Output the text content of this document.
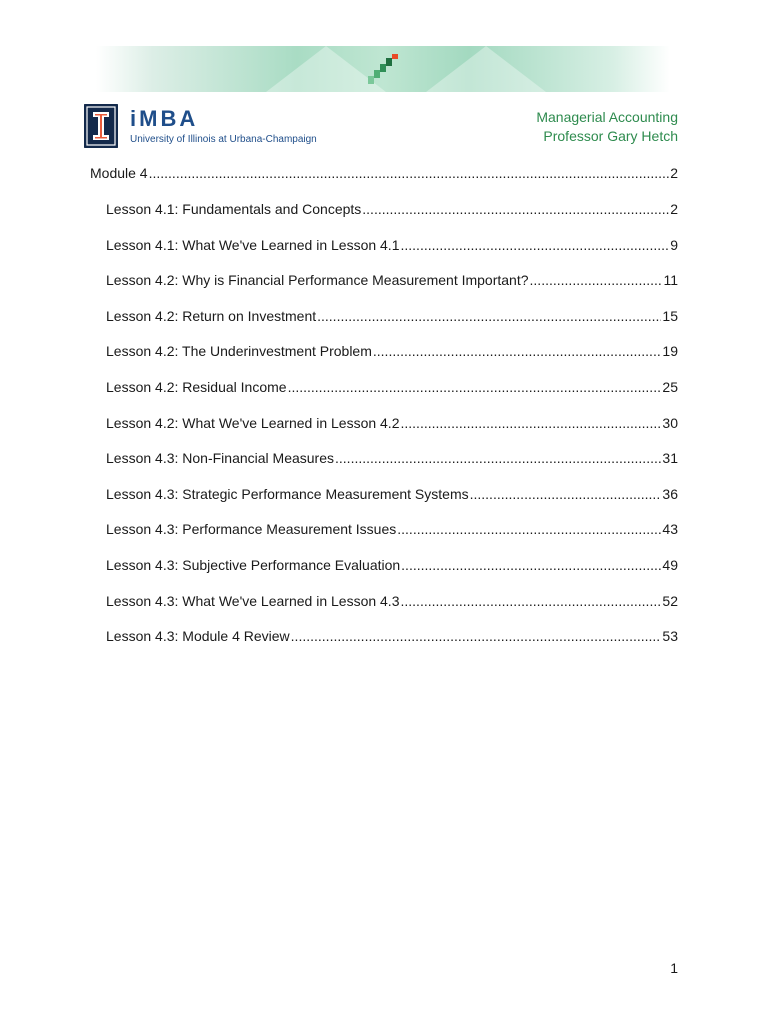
iMBA
University of Illinois at Urbana-Champaign
Managerial Accounting
Professor Gary Hetch
Module 4 .....	2
Lesson 4.1: Fundamentals and Concepts .....	2
Lesson 4.1: What We've Learned in Lesson 4.1 .....	9
Lesson 4.2: Why is Financial Performance Measurement Important? .....	11
Lesson 4.2: Return on Investment .....	15
Lesson 4.2: The Underinvestment Problem .....	19
Lesson 4.2: Residual Income .....	25
Lesson 4.2: What We've Learned in Lesson 4.2 .....	30
Lesson 4.3: Non-Financial Measures .....	31
Lesson 4.3: Strategic Performance Measurement Systems .....	36
Lesson 4.3: Performance Measurement Issues .....	43
Lesson 4.3: Subjective Performance Evaluation .....	49
Lesson 4.3: What We've Learned in Lesson 4.3 .....	52
Lesson 4.3: Module 4 Review .....	53
1
